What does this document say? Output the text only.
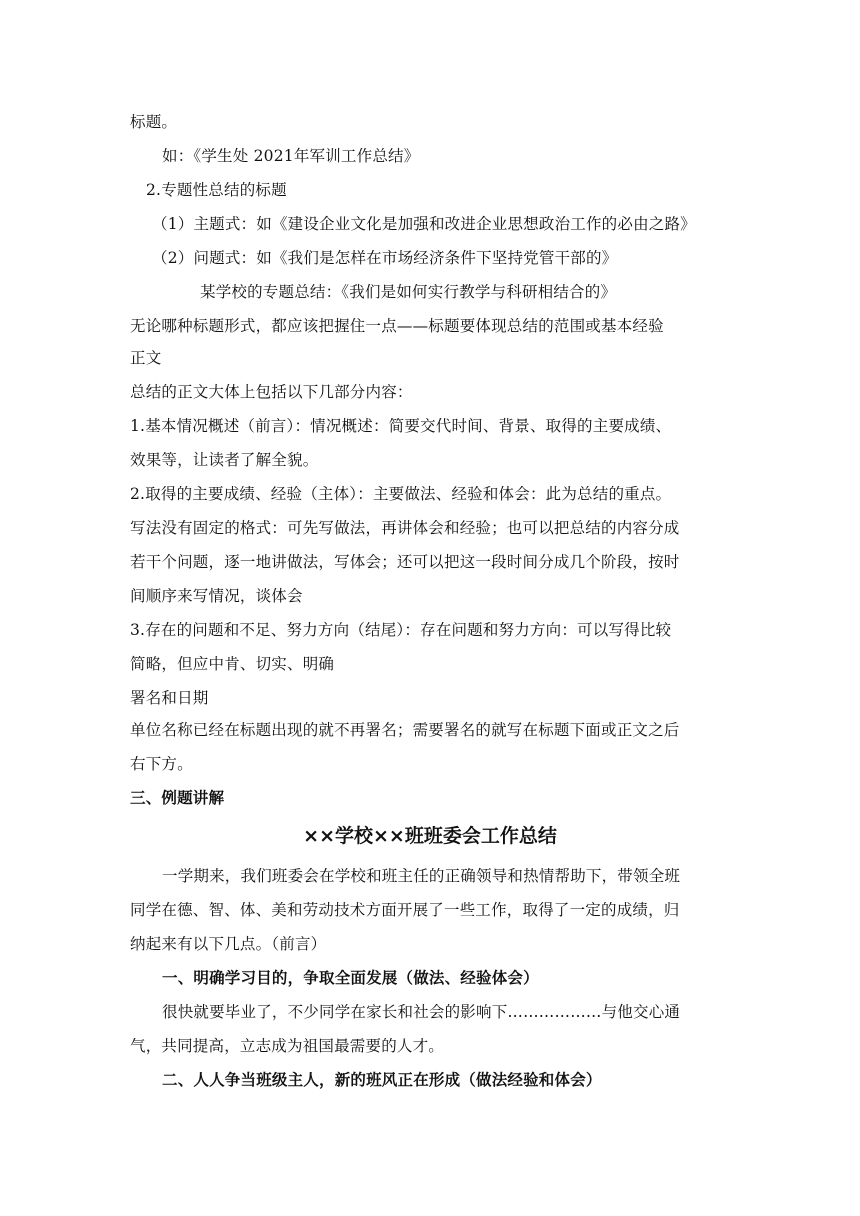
标题。
如：《学生处 2021年军训工作总结》
2.专题性总结的标题
（1）主题式：如《建设企业文化是加强和改进企业思想政治工作的必由之路》
（2）问题式：如《我们是怎样在市场经济条件下坚持党管干部的》
某学校的专题总结：《我们是如何实行教学与科研相结合的》
无论哪种标题形式，都应该把握住一点——标题要体现总结的范围或基本经验
正文
总结的正文大体上包括以下几部分内容：
1.基本情况概述（前言）：情况概述：简要交代时间、背景、取得的主要成绩、
效果等，让读者了解全貌。
2.取得的主要成绩、经验（主体）：主要做法、经验和体会：此为总结的重点。
写法没有固定的格式：可先写做法，再讲体会和经验；也可以把总结的内容分成
若干个问题，逐一地讲做法，写体会；还可以把这一段时间分成几个阶段，按时
间顺序来写情况，谈体会
3.存在的问题和不足、努力方向（结尾）：存在问题和努力方向：可以写得比较
简略，但应中肯、切实、明确
署名和日期
单位名称已经在标题出现的就不再署名；需要署名的就写在标题下面或正文之后
右下方。
三、例题讲解
××学校××班班委会工作总结
一学期来，我们班委会在学校和班主任的正确领导和热情帮助下，带领全班
同学在德、智、体、美和劳动技术方面开展了一些工作，取得了一定的成绩，归
纳起来有以下几点。（前言）
一、明确学习目的，争取全面发展（做法、经验体会）
很快就要毕业了，不少同学在家长和社会的影响下………………与他交心通
气，共同提高，立志成为祖国最需要的人才。
二、人人争当班级主人，新的班风正在形成（做法经验和体会）
